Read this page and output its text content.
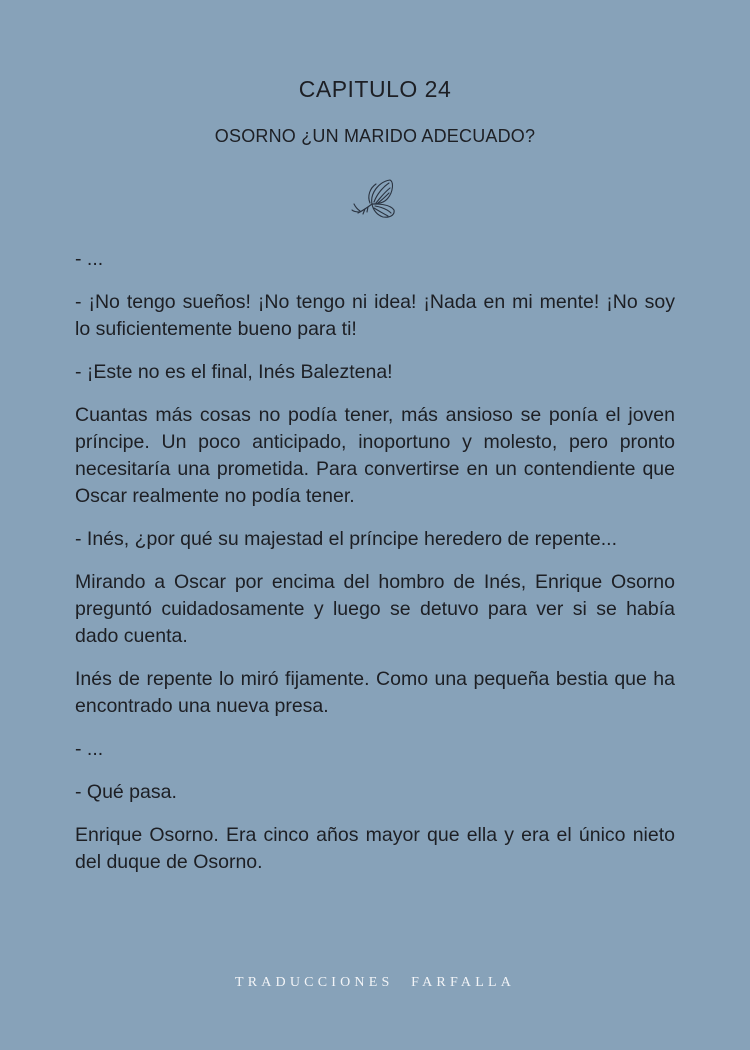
CAPITULO 24
OSORNO ¿UN MARIDO ADECUADO?

- ...

- ¡No tengo sueños! ¡No tengo ni idea! ¡Nada en mi mente! ¡No soy lo suficientemente bueno para ti!

- ¡Este no es el final, Inés Baleztena!

Cuantas más cosas no podía tener, más ansioso se ponía el joven príncipe. Un poco anticipado, inoportuno y molesto, pero pronto necesitaría una prometida. Para convertirse en un contendiente que Oscar realmente no podía tener.

- Inés, ¿por qué su majestad el príncipe heredero de repente...

Mirando a Oscar por encima del hombro de Inés, Enrique Osorno preguntó cuidadosamente y luego se detuvo para ver si se había dado cuenta.

Inés de repente lo miró fijamente. Como una pequeña bestia que ha encontrado una nueva presa.

- ...

- Qué pasa.

Enrique Osorno. Era cinco años mayor que ella y era el único nieto del duque de Osorno.

TRADUCCIONES FARFALLA
